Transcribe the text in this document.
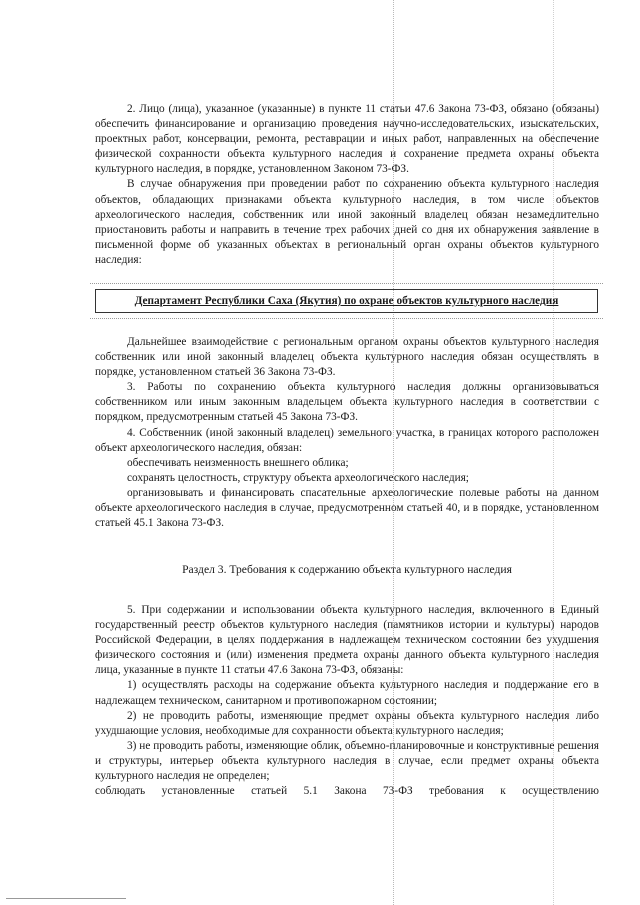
2. Лицо (лица), указанное (указанные) в пункте 11 статьи 47.6 Закона 73-ФЗ, обязано (обязаны) обеспечить финансирование и организацию проведения научно-исследовательских, изыскательских, проектных работ, консервации, ремонта, реставрации и иных работ, направленных на обеспечение физической сохранности объекта культурного наследия и сохранение предмета охраны объекта культурного наследия, в порядке, установленном Законом 73-ФЗ.

В случае обнаружения при проведении работ по сохранению объекта культурного наследия объектов, обладающих признаками объекта культурного наследия, в том числе объектов археологического наследия, собственник или иной законный владелец обязан незамедлительно приостановить работы и направить в течение трех рабочих дней со дня их обнаружения заявление в письменной форме об указанных объектах в региональный орган охраны объектов культурного наследия:

Департамент Республики Саха (Якутия) по охране объектов культурного наследия

Дальнейшее взаимодействие с региональным органом охраны объектов культурного наследия собственник или иной законный владелец объекта культурного наследия обязан осуществлять в порядке, установленном статьей 36 Закона 73-ФЗ.

3. Работы по сохранению объекта культурного наследия должны организовываться собственником или иным законным владельцем объекта культурного наследия в соответствии с порядком, предусмотренным статьей 45 Закона 73-ФЗ.

4. Собственник (иной законный владелец) земельного участка, в границах которого расположен объект археологического наследия, обязан:

обеспечивать неизменность внешнего облика;

сохранять целостность, структуру объекта археологического наследия;

организовывать и финансировать спасательные археологические полевые работы на данном объекте археологического наследия в случае, предусмотренном статьей 40, и в порядке, установленном статьей 45.1 Закона 73-ФЗ.

Раздел 3. Требования к содержанию объекта культурного наследия

5. При содержании и использовании объекта культурного наследия, включенного в Единый государственный реестр объектов культурного наследия (памятников истории и культуры) народов Российской Федерации, в целях поддержания в надлежащем техническом состоянии без ухудшения физического состояния и (или) изменения предмета охраны данного объекта культурного наследия лица, указанные в пункте 11 статьи 47.6 Закона 73-ФЗ, обязаны:

1) осуществлять расходы на содержание объекта культурного наследия и поддержание его в надлежащем техническом, санитарном и противопожарном состоянии;

2) не проводить работы, изменяющие предмет охраны объекта культурного наследия либо ухудшающие условия, необходимые для сохранности объекта культурного наследия;

3) не проводить работы, изменяющие облик, объемно-планировочные и конструктивные решения и структуры, интерьер объекта культурного наследия в случае, если предмет охраны объекта культурного наследия не определен;

соблюдать установленные статьей 5.1 Закона 73-ФЗ требования к осуществлению
